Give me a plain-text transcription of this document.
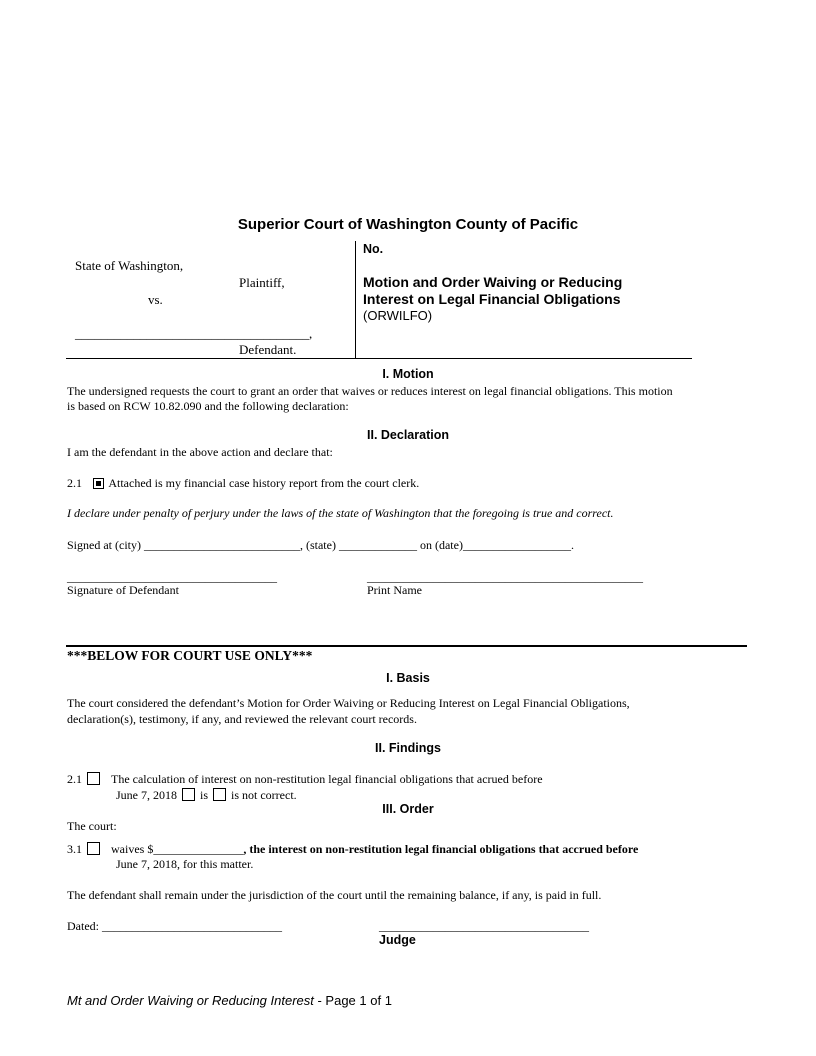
Superior Court of Washington County of Pacific
No.
State of Washington,
Plaintiff,
vs.
____________________________________,
Defendant.
Motion and Order Waiving or Reducing
Interest on Legal Financial Obligations
(ORWILFO)
I. Motion
The undersigned requests the court to grant an order that waives or reduces interest on legal financial obligations. This motion
is based on RCW 10.82.090 and the following declaration:
II. Declaration
I am the defendant in the above action and declare that:
2.1 Attached is my financial case history report from the court clerk.
I declare under penalty of perjury under the laws of the state of Washington that the foregoing is true and correct.
Signed at (city) __________________________, (state) _____________ on (date)__________________.
___________________________________	______________________________________________
Signature of Defendant	Print Name
***BELOW FOR COURT USE ONLY***
I. Basis
The court considered the defendant’s Motion for Order Waiving or Reducing Interest on Legal Financial Obligations,
declaration(s), testimony, if any, and reviewed the relevant court records.
II. Findings
2.1 The calculation of interest on non-restitution legal financial obligations that acrued before
June 7, 2018 is is not correct.
III. Order
The court:
3.1 waives $_______________, the interest on non-restitution legal financial obligations that accrued before
June 7, 2018, for this matter.
The defendant shall remain under the jurisdiction of the court until the remaining balance, if any, is paid in full.
Dated: ______________________________	___________________________________
Judge
Mt and Order Waiving or Reducing Interest - Page 1 of 1
